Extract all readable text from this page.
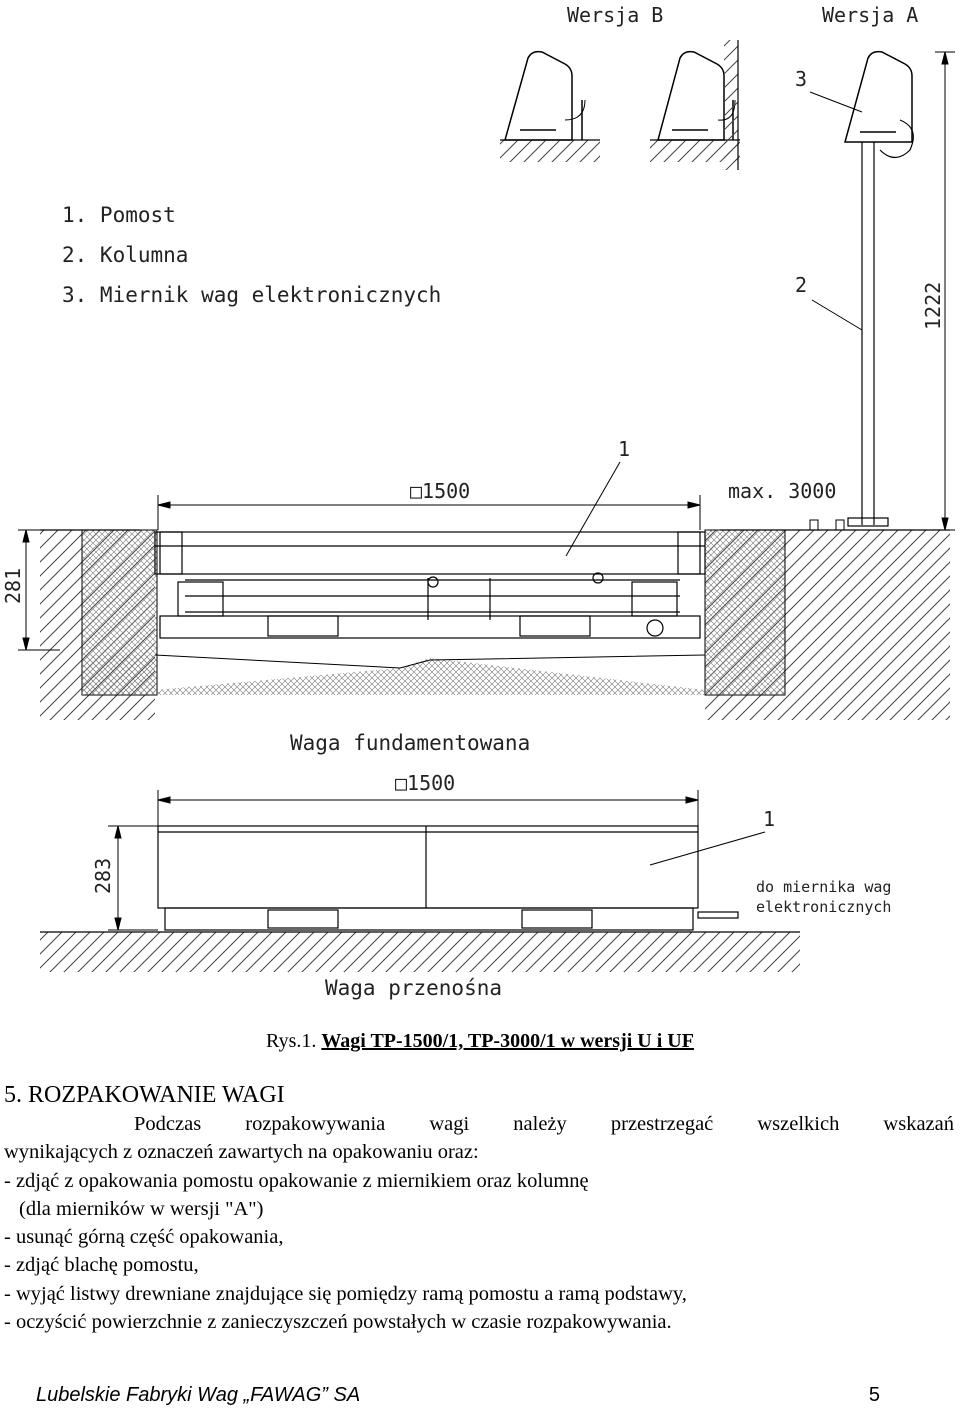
Wersja B	Wersja A
3
2	1222
1. Pomost
2. Kolumna
3. Miernik wag elektronicznych
1
□1500	max. 3000
281
Waga fundamentowana
□1500
283
1
do miernika wag
elektronicznych
Waga przenośna
Rys.1. Wagi TP-1500/1, TP-3000/1 w wersji U i UF
5. ROZPAKOWANIE WAGI

Podczas rozpakowywania wagi należy przestrzegać wszelkich wskazań

wynikających z oznaczeń zawartych na opakowaniu oraz:

- zdjąć z opakowania pomostu opakowanie z miernikiem oraz kolumnę

(dla mierników w wersji "A")

- usunąć górną część opakowania,

- zdjąć blachę pomostu,

- wyjąć listwy drewniane znajdujące się pomiędzy ramą pomostu a ramą podstawy,

- oczyścić powierzchnie z zanieczyszczeń powstałych w czasie rozpakowywania.

Lubelskie Fabryki Wag „FAWAG” SA	5
